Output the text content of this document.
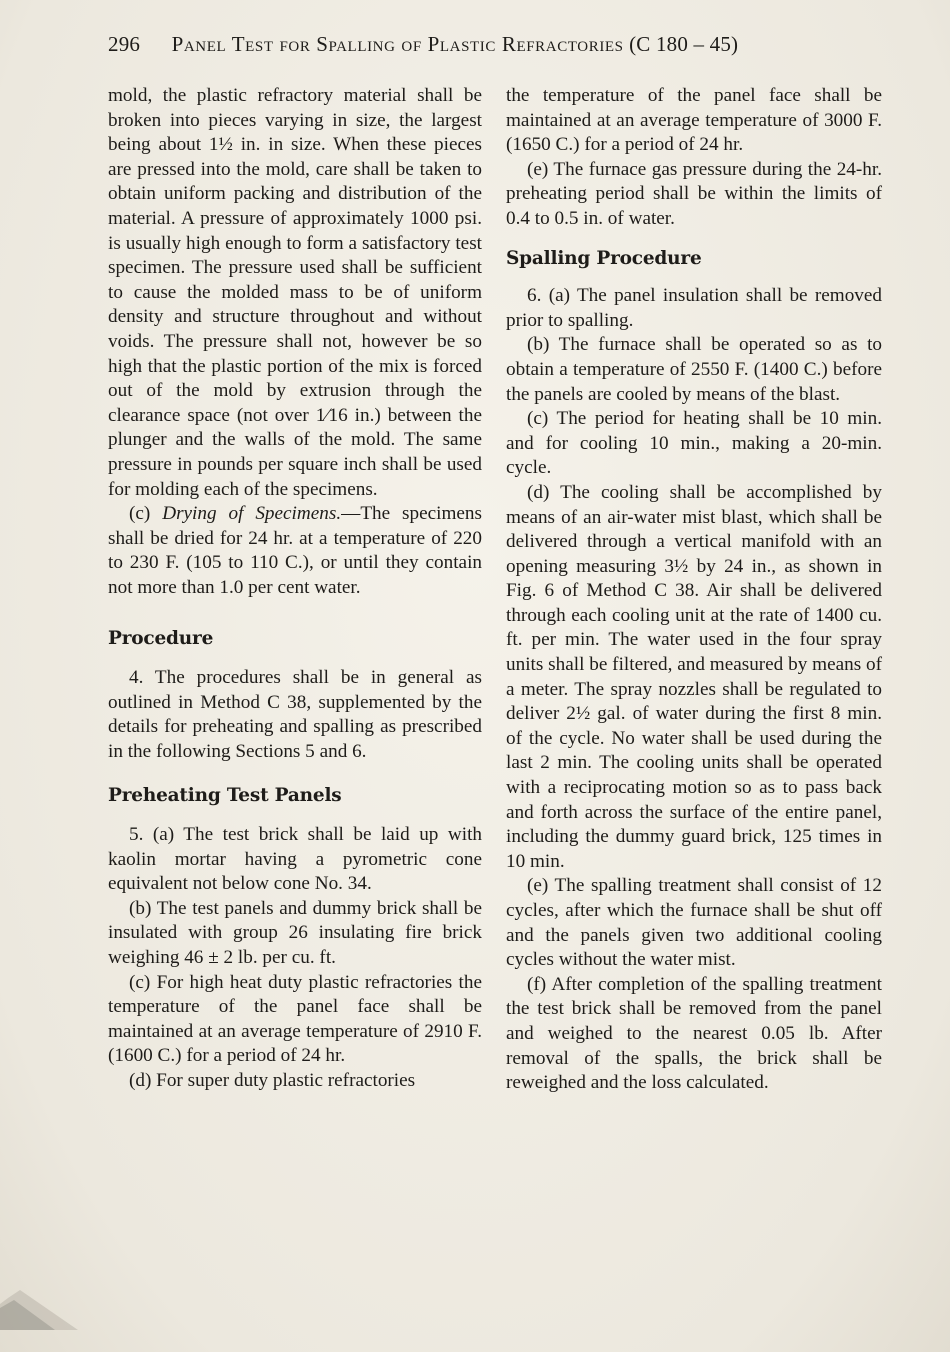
296 Panel Test for Spalling of Plastic Refractories (C 180 – 45)

mold, the plastic refractory material shall be broken into pieces varying in size, the largest being about 1½ in. in size. When these pieces are pressed into the mold, care shall be taken to obtain uniform packing and distribution of the material. A pressure of approximately 1000 psi. is usually high enough to form a satisfactory test specimen. The pressure used shall be sufficient to cause the molded mass to be of uniform density and structure throughout and without voids. The pressure shall not, however be so high that the plastic portion of the mix is forced out of the mold by extrusion through the clearance space (not over 1⁄16 in.) between the plunger and the walls of the mold. The same pressure in pounds per square inch shall be used for molding each of the specimens.

(c) Drying of Specimens.—The specimens shall be dried for 24 hr. at a temperature of 220 to 230 F. (105 to 110 C.), or until they contain not more than 1.0 per cent water.

Procedure

4. The procedures shall be in general as outlined in Method C 38, supplemented by the details for preheating and spalling as prescribed in the following Sections 5 and 6.

Preheating Test Panels

5. (a) The test brick shall be laid up with kaolin mortar having a pyrometric cone equivalent not below cone No. 34.

(b) The test panels and dummy brick shall be insulated with group 26 insulating fire brick weighing 46 ± 2 lb. per cu. ft.

(c) For high heat duty plastic refractories the temperature of the panel face shall be maintained at an average temperature of 2910 F. (1600 C.) for a period of 24 hr.

(d) For super duty plastic refractories

the temperature of the panel face shall be maintained at an average temperature of 3000 F. (1650 C.) for a period of 24 hr.

(e) The furnace gas pressure during the 24-hr. preheating period shall be within the limits of 0.4 to 0.5 in. of water.

Spalling Procedure

6. (a) The panel insulation shall be removed prior to spalling.

(b) The furnace shall be operated so as to obtain a temperature of 2550 F. (1400 C.) before the panels are cooled by means of the blast.

(c) The period for heating shall be 10 min. and for cooling 10 min., making a 20-min. cycle.

(d) The cooling shall be accomplished by means of an air-water mist blast, which shall be delivered through a vertical manifold with an opening measuring 3½ by 24 in., as shown in Fig. 6 of Method C 38. Air shall be delivered through each cooling unit at the rate of 1400 cu. ft. per min. The water used in the four spray units shall be filtered, and measured by means of a meter. The spray nozzles shall be regulated to deliver 2½ gal. of water during the first 8 min. of the cycle. No water shall be used during the last 2 min. The cooling units shall be operated with a reciprocating motion so as to pass back and forth across the surface of the entire panel, including the dummy guard brick, 125 times in 10 min.

(e) The spalling treatment shall consist of 12 cycles, after which the furnace shall be shut off and the panels given two additional cooling cycles without the water mist.

(f) After completion of the spalling treatment the test brick shall be removed from the panel and weighed to the nearest 0.05 lb. After removal of the spalls, the brick shall be reweighed and the loss calculated.
